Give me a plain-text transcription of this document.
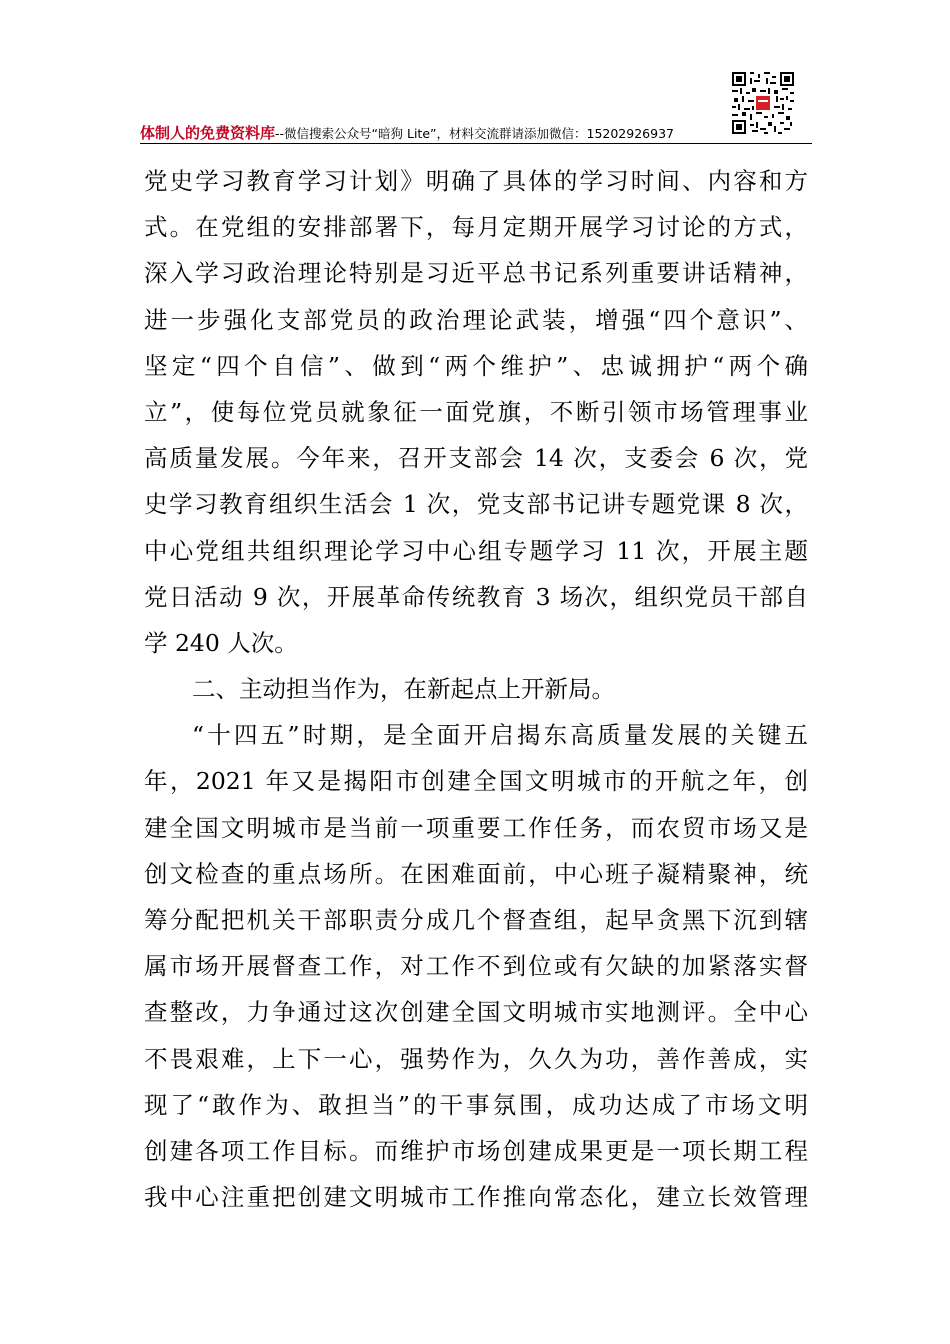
体制人的免费资料库--微信搜索公众号“暗狗 Lite”，材料交流群请添加微信：15202926937
党史学习教育学习计划》明确了具体的学习时间、内容和方
式。在党组的安排部署下，每月定期开展学习讨论的方式，
深入学习政治理论特别是习近平总书记系列重要讲话精神，
进一步强化支部党员的政治理论武装，增强“四个意识”、
坚定“四个自信”、做到“两个维护”、忠诚拥护“两个确
立”，使每位党员就象征一面党旗，不断引领市场管理事业
高质量发展。今年来，召开支部会 14 次，支委会 6 次，党
史学习教育组织生活会 1 次，党支部书记讲专题党课 8 次，
中心党组共组织理论学习中心组专题学习 11 次，开展主题
党日活动 9 次，开展革命传统教育 3 场次，组织党员干部自
学 240 人次。
二、主动担当作为，在新起点上开新局。
“十四五”时期，是全面开启揭东高质量发展的关键五
年，2021 年又是揭阳市创建全国文明城市的开航之年，创
建全国文明城市是当前一项重要工作任务，而农贸市场又是
创文检查的重点场所。在困难面前，中心班子凝精聚神，统
筹分配把机关干部职责分成几个督查组，起早贪黑下沉到辖
属市场开展督查工作，对工作不到位或有欠缺的加紧落实督
查整改，力争通过这次创建全国文明城市实地测评。全中心
不畏艰难，上下一心，强势作为，久久为功，善作善成，实
现了“敢作为、敢担当”的干事氛围，成功达成了市场文明
创建各项工作目标。而维护市场创建成果更是一项长期工程
我中心注重把创建文明城市工作推向常态化，建立长效管理
